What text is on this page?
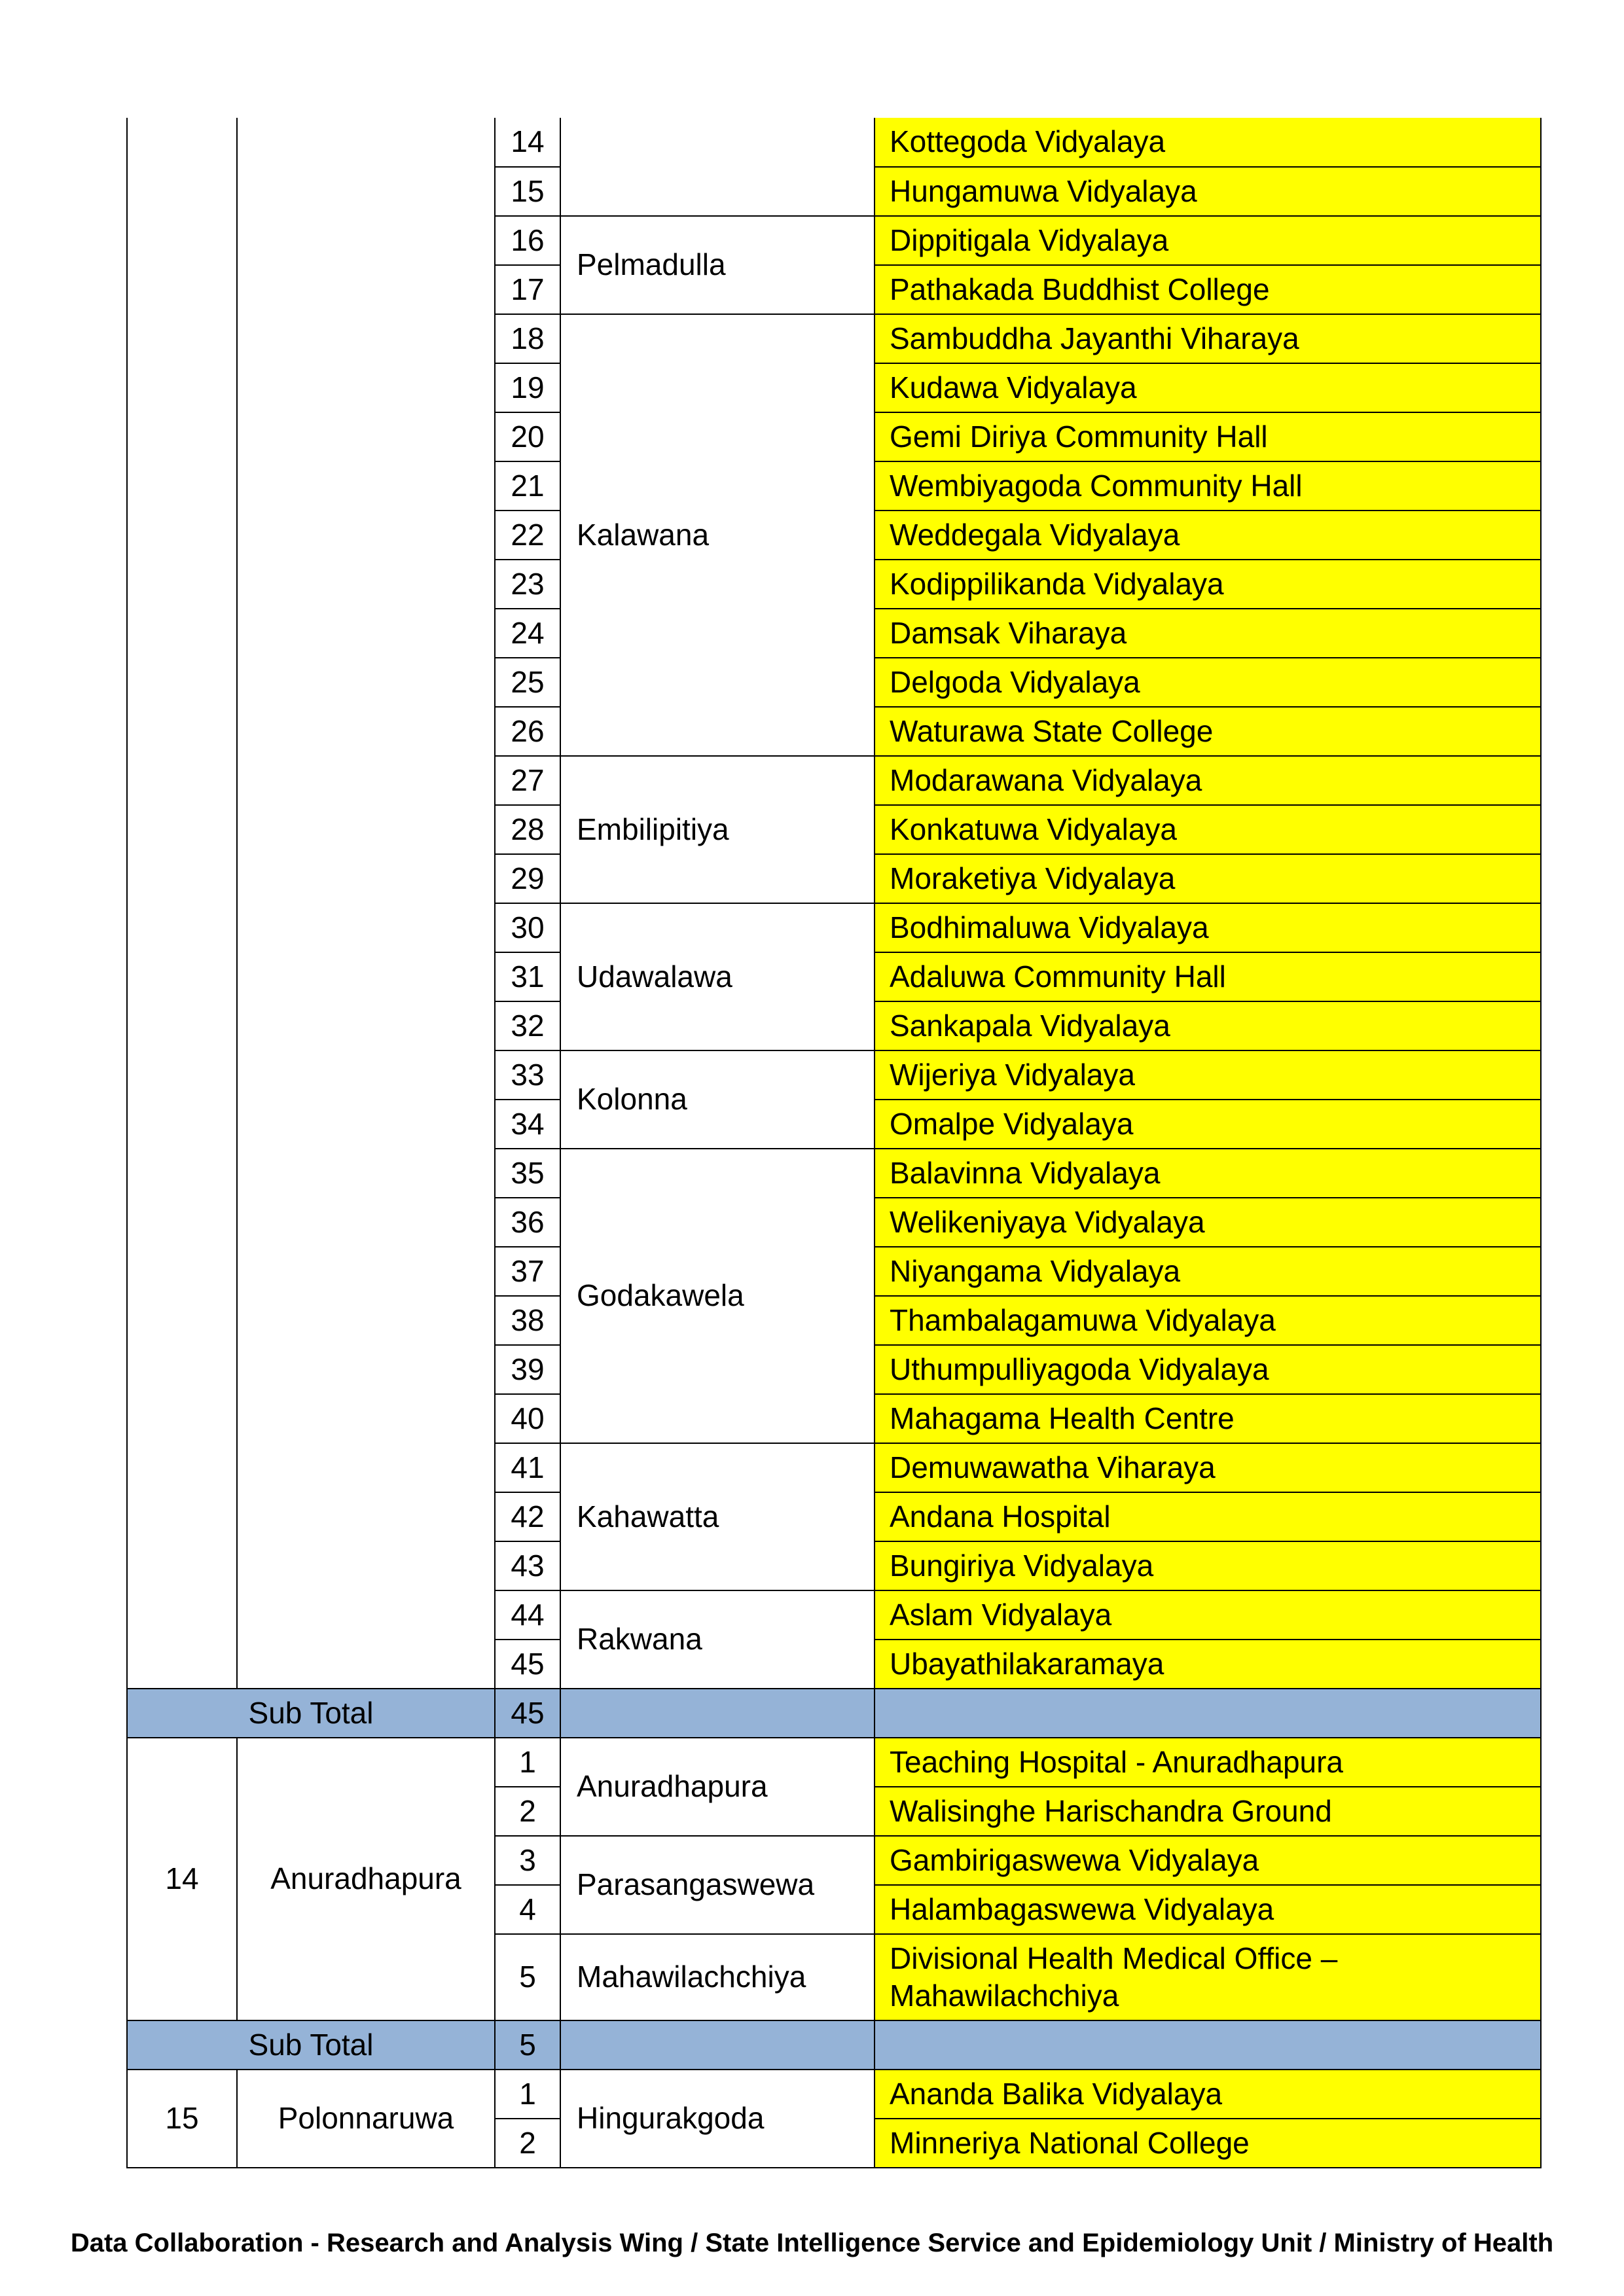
		14		Kottegoda Vidyalaya
		15		Hungamuwa Vidyalaya
		16	Pelmadulla	Dippitigala Vidyalaya
		17		Pathakada Buddhist College
		18	Kalawana	Sambuddha Jayanthi Viharaya
		19		Kudawa Vidyalaya
		20		Gemi Diriya Community Hall
		21		Wembiyagoda Community Hall
		22		Weddegala Vidyalaya
		23		Kodippilikanda Vidyalaya
		24		Damsak Viharaya
		25		Delgoda Vidyalaya
		26		Waturawa State College
		27	Embilipitiya	Modarawana Vidyalaya
		28		Konkatuwa Vidyalaya
		29		Moraketiya Vidyalaya
		30	Udawalawa	Bodhimaluwa Vidyalaya
		31		Adaluwa Community Hall
		32		Sankapala Vidyalaya
		33	Kolonna	Wijeriya Vidyalaya
		34		Omalpe Vidyalaya
		35	Godakawela	Balavinna Vidyalaya
		36		Welikeniyaya Vidyalaya
		37		Niyangama Vidyalaya
		38		Thambalagamuwa Vidyalaya
		39		Uthumpulliyagoda Vidyalaya
		40		Mahagama Health Centre
		41	Kahawatta	Demuwawatha Viharaya
		42		Andana Hospital
		43		Bungiriya Vidyalaya
		44	Rakwana	Aslam Vidyalaya
		45		Ubayathilakaramaya
Sub Total		45		
14	Anuradhapura	1	Anuradhapura	Teaching Hospital - Anuradhapura
		2		Walisinghe Harischandra Ground
		3	Parasangaswewa	Gambirigaswewa Vidyalaya
		4		Halambagaswewa Vidyalaya
		5	Mahawilachchiya	Divisional Health Medical Office – Mahawilachchiya
Sub Total		5		
15	Polonnaruwa	1	Hingurakgoda	Ananda Balika Vidyalaya
		2		Minneriya National College
Data Collaboration - Research and Analysis Wing / State Intelligence Service and Epidemiology Unit / Ministry of Health
